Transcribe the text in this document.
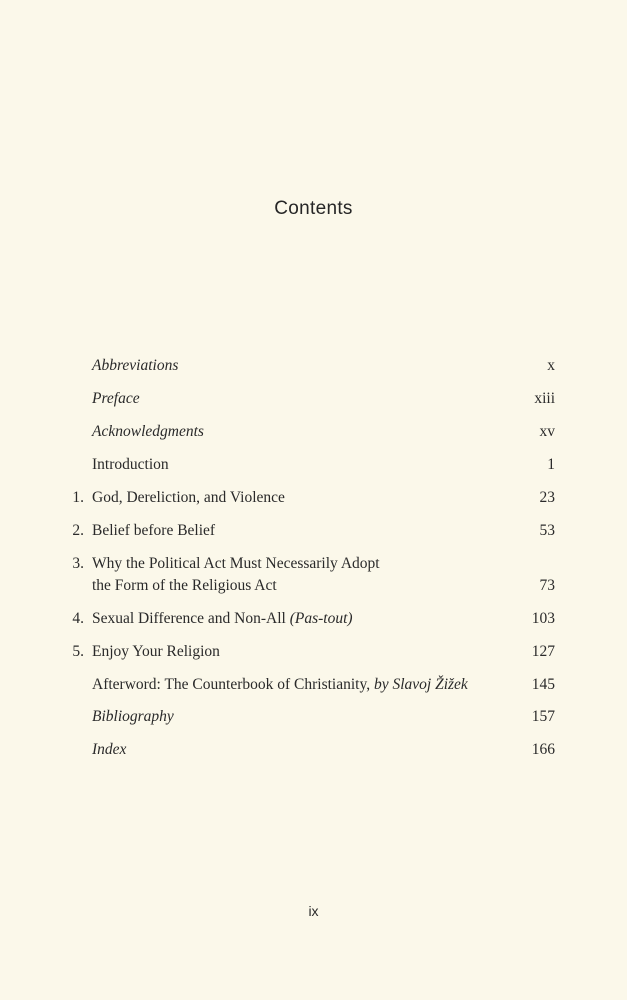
Contents
Abbreviations	x
Preface	xiii
Acknowledgments	xv
Introduction	1
1. God, Dereliction, and Violence	23
2. Belief before Belief	53
3. Why the Political Act Must Necessarily Adopt
the Form of the Religious Act	73
4. Sexual Difference and Non-All (Pas-tout)	103
5. Enjoy Your Religion	127
Afterword: The Counterbook of Christianity, by Slavoj Žižek	145
Bibliography	157
Index	166
ix
